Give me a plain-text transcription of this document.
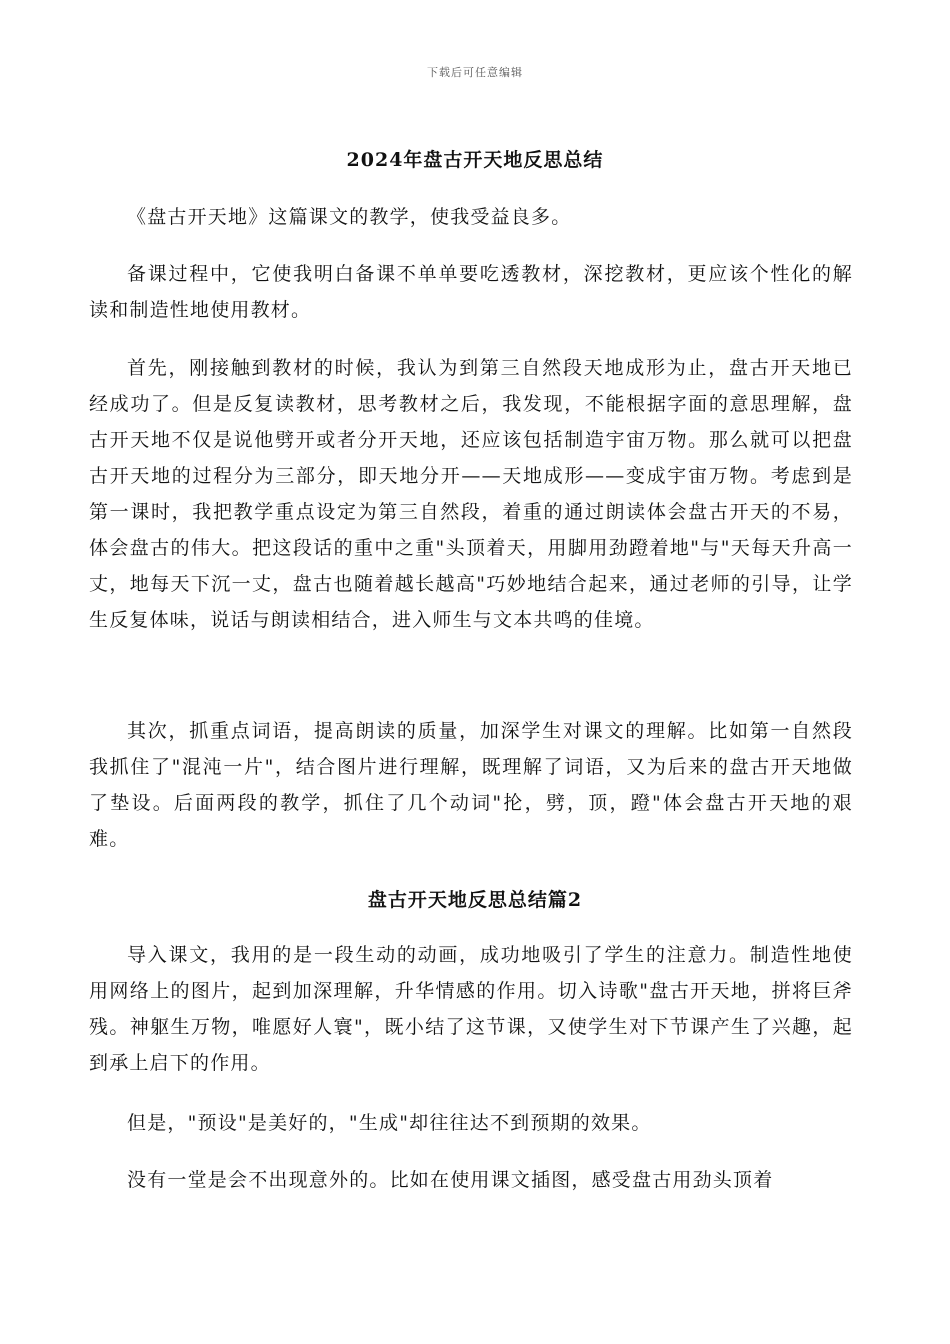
下载后可任意编辑
2024年盘古开天地反思总结

《盘古开天地》这篇课文的教学，使我受益良多。

备课过程中，它使我明白备课不单单要吃透教材，深挖教材，更应该个性化的解读和制造性地使用教材。

首先，刚接触到教材的时候，我认为到第三自然段天地成形为止，盘古开天地已经成功了。但是反复读教材，思考教材之后，我发现，不能根据字面的意思理解，盘古开天地不仅是说他劈开或者分开天地，还应该包括制造宇宙万物。那么就可以把盘古开天地的过程分为三部分，即天地分开——天地成形——变成宇宙万物。考虑到是第一课时，我把教学重点设定为第三自然段，着重的通过朗读体会盘古开天的不易，体会盘古的伟大。把这段话的重中之重"头顶着天，用脚用劲蹬着地"与"天每天升高一丈，地每天下沉一丈，盘古也随着越长越高"巧妙地结合起来，通过老师的引导，让学生反复体味，说话与朗读相结合，进入师生与文本共鸣的佳境。

其次，抓重点词语，提高朗读的质量，加深学生对课文的理解。比如第一自然段我抓住了"混沌一片"，结合图片进行理解，既理解了词语，又为后来的盘古开天地做了垫设。后面两段的教学，抓住了几个动词"抡，劈，顶，蹬"体会盘古开天地的艰难。

盘古开天地反思总结篇2

导入课文，我用的是一段生动的动画，成功地吸引了学生的注意力。制造性地使用网络上的图片，起到加深理解，升华情感的作用。切入诗歌"盘古开天地，拼将巨斧残。神躯生万物，唯愿好人寰"，既小结了这节课，又使学生对下节课产生了兴趣，起到承上启下的作用。

但是，"预设"是美好的，"生成"却往往达不到预期的效果。

没有一堂是会不出现意外的。比如在使用课文插图，感受盘古用劲头顶着
